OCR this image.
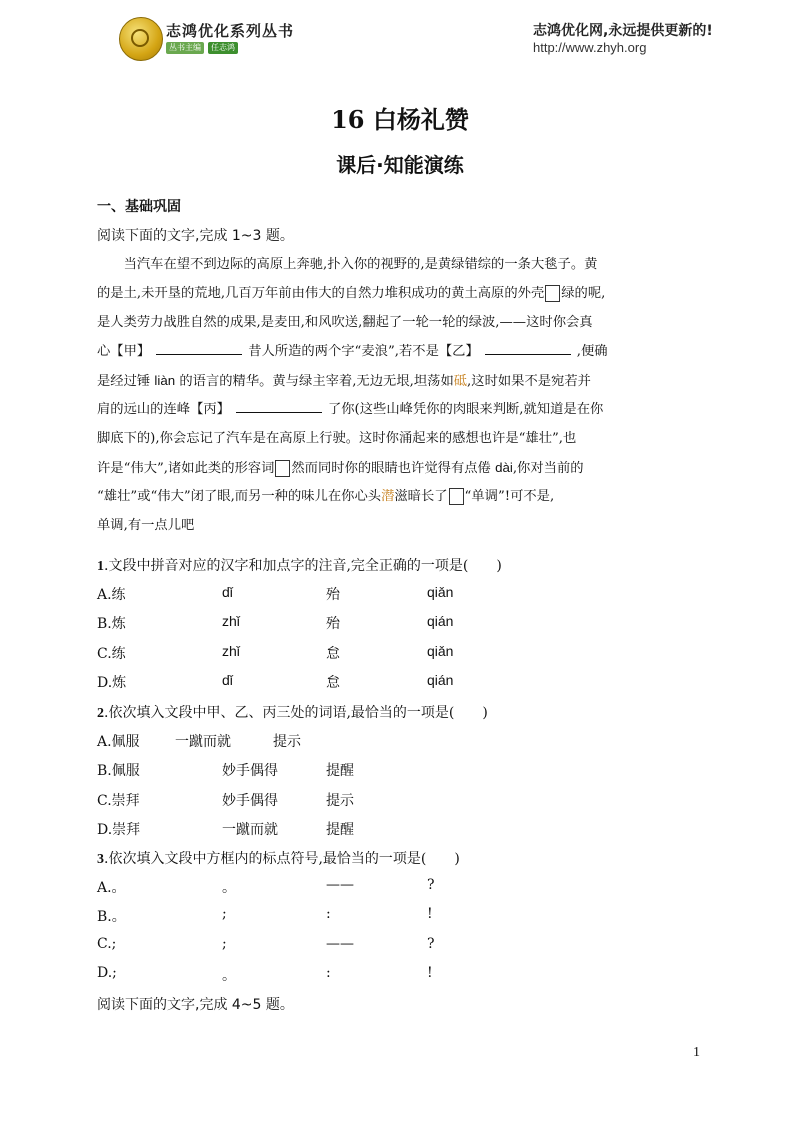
志鸿优化系列丛书
丛书主编	任志鸿
志鸿优化网,永远提供更新的!
http://www.zhyh.org
16 白杨礼赞
课后·知能演练
一、基础巩固
阅读下面的文字,完成 1~3 题。
　　当汽车在望不到边际的高原上奔驰,扑入你的视野的,是黄绿错综的一条大毯子。黄
的是土,未开垦的荒地,几百万年前由伟大的自然力堆积成功的黄土高原的外壳 绿的呢,
是人类劳力战胜自然的成果,是麦田,和风吹送,翻起了一轮一轮的绿波,——这时你会真
心【甲】	昔人所造的两个字“麦浪”,若不是【乙】	,便确
是经过锤 liàn 的语言的精华。黄与绿主宰着,无边无垠,坦荡如砥,这时如果不是宛若并
肩的远山的连峰【丙】	了你(这些山峰凭你的肉眼来判断,就知道是在你
脚底下的),你会忘记了汽车是在高原上行驶。这时你涌起来的感想也许是“雄壮”,也
许是“伟大”,诸如此类的形容词 然而同时你的眼睛也许觉得有点倦 dài,你对当前的
“雄壮”或“伟大”闭了眼,而另一种的味儿在你心头潜滋暗长了 “单调”!可不是,
单调,有一点儿吧
1.文段中拼音对应的汉字和加点字的注音,完全正确的一项是(　　)
A.练	dǐ	殆	qiǎn
B.炼	zhǐ	殆	qián
C.练	zhǐ	怠	qiǎn
D.炼	dǐ	怠	qián
2.依次填入文段中甲、乙、丙三处的词语,最恰当的一项是(　　)
A.佩服	一蹴而就	提示
B.佩服	妙手偶得	提醒
C.崇拜	妙手偶得	提示
D.崇拜	一蹴而就	提醒
3.依次填入文段中方框内的标点符号,最恰当的一项是(　　)
A.。	。	——	?
B.。	;	:	!
C.;	;	——	?
D.;	。	:	!
阅读下面的文字,完成 4~5 题。
1
